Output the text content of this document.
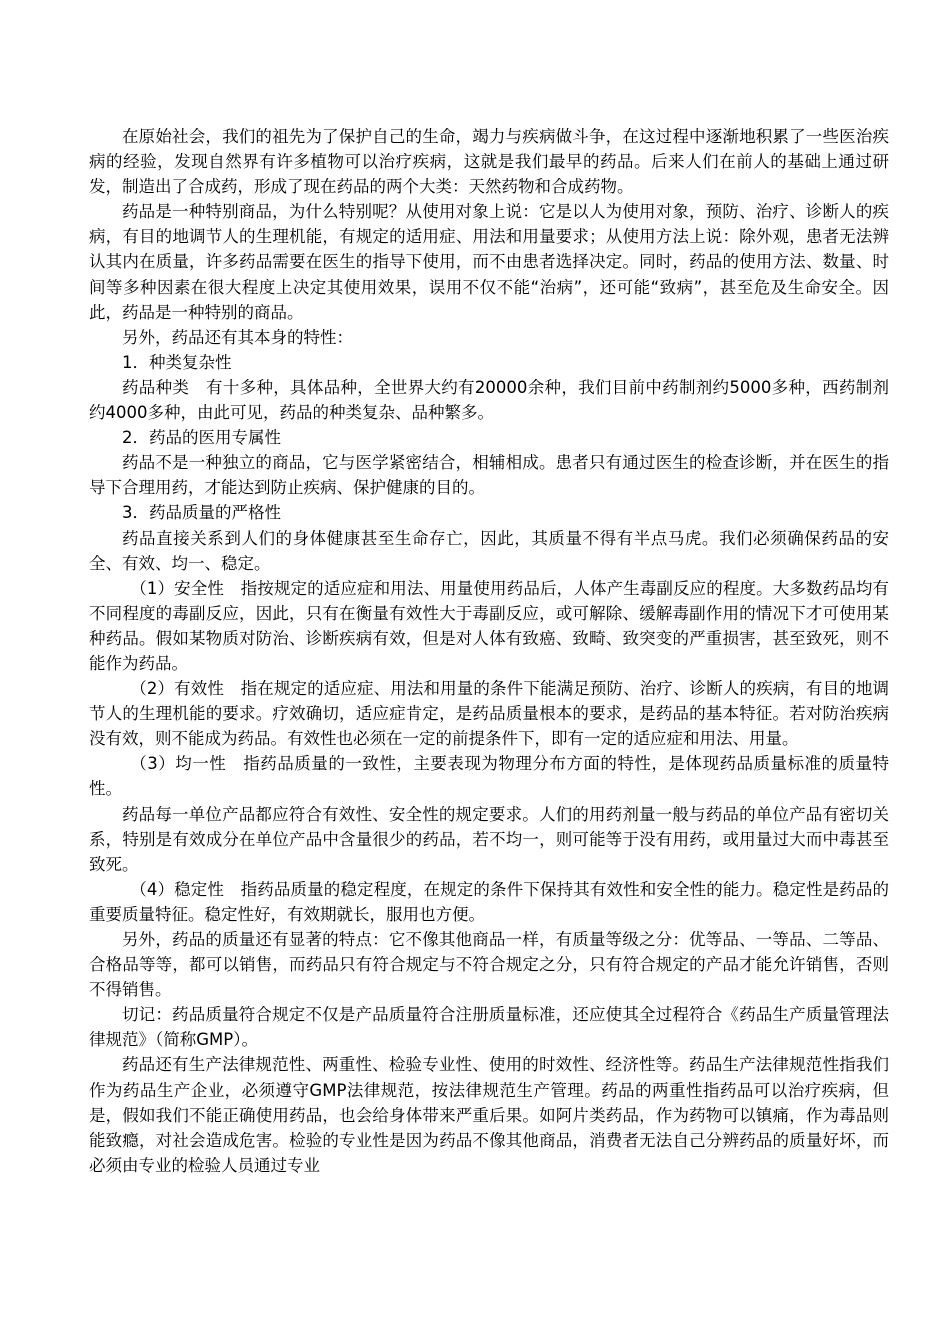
在原始社会，我们的祖先为了保护自己的生命，竭力与疾病做斗争，在这过程中逐渐地积累了一些医治疾病的经验，发现自然界有许多植物可以治疗疾病，这就是我们最早的药品。后来人们在前人的基础上通过研发，制造出了合成药，形成了现在药品的两个大类：天然药物和合成药物。

药品是一种特别商品，为什么特别呢？从使用对象上说：它是以人为使用对象，预防、治疗、诊断人的疾病，有目的地调节人的生理机能，有规定的适用症、用法和用量要求；从使用方法上说：除外观，患者无法辨认其内在质量，许多药品需要在医生的指导下使用，而不由患者选择决定。同时，药品的使用方法、数量、时间等多种因素在很大程度上决定其使用效果，误用不仅不能“治病”，还可能“致病”，甚至危及生命安全。因此，药品是一种特别的商品。

另外，药品还有其本身的特性：

1．种类复杂性

药品种类　有十多种，具体品种，全世界大约有20000余种，我们目前中药制剂约5000多种，西药制剂约4000多种，由此可见，药品的种类复杂、品种繁多。

2．药品的医用专属性

药品不是一种独立的商品，它与医学紧密结合，相辅相成。患者只有通过医生的检查诊断，并在医生的指导下合理用药，才能达到防止疾病、保护健康的目的。

3．药品质量的严格性

药品直接关系到人们的身体健康甚至生命存亡，因此，其质量不得有半点马虎。我们必须确保药品的安全、有效、均一、稳定。

（1）安全性　指按规定的适应症和用法、用量使用药品后，人体产生毒副反应的程度。大多数药品均有不同程度的毒副反应，因此，只有在衡量有效性大于毒副反应，或可解除、缓解毒副作用的情况下才可使用某种药品。假如某物质对防治、诊断疾病有效，但是对人体有致癌、致畸、致突变的严重损害，甚至致死，则不能作为药品。

（2）有效性　指在规定的适应症、用法和用量的条件下能满足预防、治疗、诊断人的疾病，有目的地调节人的生理机能的要求。疗效确切，适应症肯定，是药品质量根本的要求，是药品的基本特征。若对防治疾病没有效，则不能成为药品。有效性也必须在一定的前提条件下，即有一定的适应症和用法、用量。

（3）均一性　指药品质量的一致性，主要表现为物理分布方面的特性，是体现药品质量标准的质量特性。

药品每一单位产品都应符合有效性、安全性的规定要求。人们的用药剂量一般与药品的单位产品有密切关系，特别是有效成分在单位产品中含量很少的药品，若不均一，则可能等于没有用药，或用量过大而中毒甚至致死。

（4）稳定性　指药品质量的稳定程度，在规定的条件下保持其有效性和安全性的能力。稳定性是药品的重要质量特征。稳定性好，有效期就长，服用也方便。

另外，药品的质量还有显著的特点：它不像其他商品一样，有质量等级之分：优等品、一等品、二等品、合格品等等，都可以销售，而药品只有符合规定与不符合规定之分，只有符合规定的产品才能允许销售，否则不得销售。

切记：药品质量符合规定不仅是产品质量符合注册质量标准，还应使其全过程符合《药品生产质量管理法律规范》（简称GMP）。

药品还有生产法律规范性、两重性、检验专业性、使用的时效性、经济性等。药品生产法律规范性指我们作为药品生产企业，必须遵守GMP法律规范，按法律规范生产管理。药品的两重性指药品可以治疗疾病，但是，假如我们不能正确使用药品，也会给身体带来严重后果。如阿片类药品，作为药物可以镇痛，作为毒品则能致瘾，对社会造成危害。检验的专业性是因为药品不像其他商品，消费者无法自己分辨药品的质量好坏，而必须由专业的检验人员通过专业
